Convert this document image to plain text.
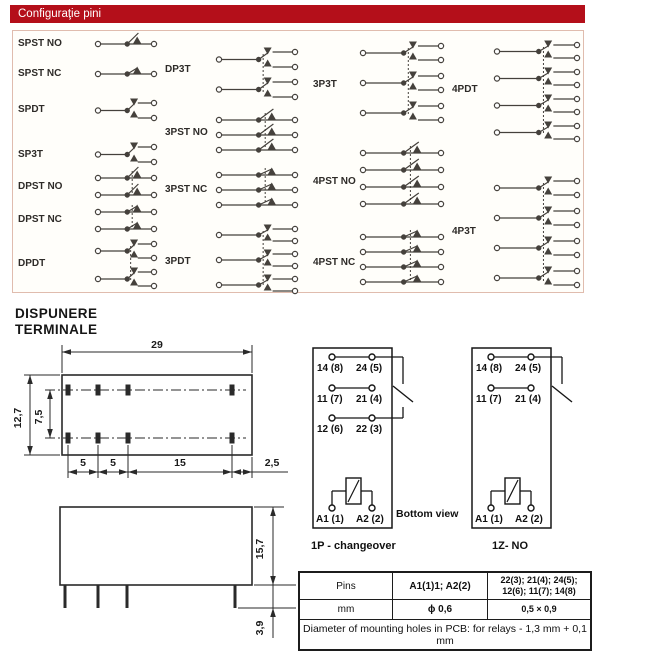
Configuraţie pini
DISPUNERE
TERMINALE
29
12,7 7,5
5 5	15	2,5
15,7
3,9
SPST NO
SPST NC
SPDT
SP3T
DPST NO
DPST NC
DPDT
DP3T
3PST NO
3PST NC
3PDT
3P3T
4PST NO
4PST NC
4PDT
4P3T
14 (8) 24 (5)
11 (7) 21 (4)
12 (6) 22 (3)
A1 (1) A2 (2)
1P - changeover
14 (8) 24 (5)
11 (7) 21 (4)
A1 (1) A2 (2)
1Z- NO
Bottom view
Pins	A1(1)1; A2(2)	22(3); 21(4); 24(5); 12(6); 11(7); 14(8)
mm	ϕ 0,6	0,5 × 0,9
Diameter of mounting holes in PCB: for relays - 1,3 mm + 0,1 mm		
